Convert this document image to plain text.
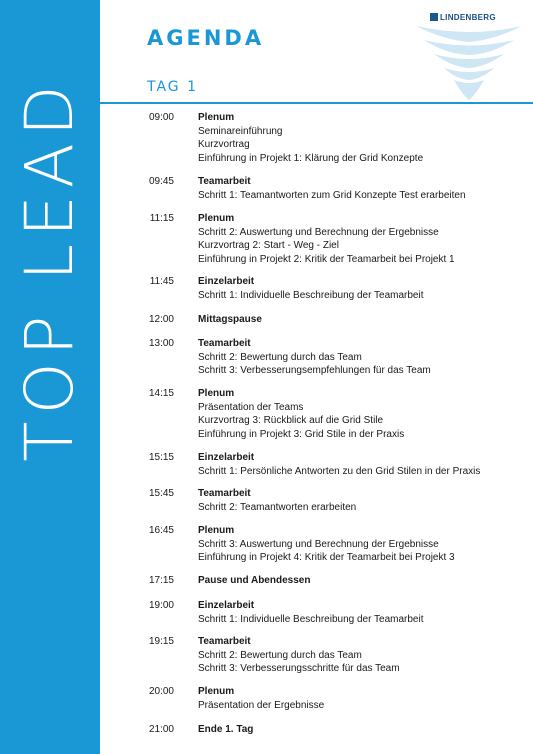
TOP LEAD
AGENDA
TAG 1
LINDENBERG
09:00 Plenum
Seminareinführung
Kurzvortrag
Einführung in Projekt 1: Klärung der Grid Konzepte
09:45 Teamarbeit
Schritt 1: Teamantworten zum Grid Konzepte Test erarbeiten
11:15 Plenum
Schritt 2: Auswertung und Berechnung der Ergebnisse
Kurzvortrag 2: Start - Weg - Ziel
Einführung in Projekt 2: Kritik der Teamarbeit bei Projekt 1
11:45 Einzelarbeit
Schritt 1: Individuelle Beschreibung der Teamarbeit
12:00 Mittagspause
13:00 Teamarbeit
Schritt 2: Bewertung durch das Team
Schritt 3: Verbesserungsempfehlungen für das Team
14:15 Plenum
Präsentation der Teams
Kurzvortrag 3: Rückblick auf die Grid Stile
Einführung in Projekt 3: Grid Stile in der Praxis
15:15 Einzelarbeit
Schritt 1: Persönliche Antworten zu den Grid Stilen in der Praxis
15:45 Teamarbeit
Schritt 2: Teamantworten erarbeiten
16:45 Plenum
Schritt 3: Auswertung und Berechnung der Ergebnisse
Einführung in Projekt 4: Kritik der Teamarbeit bei Projekt 3
17:15 Pause und Abendessen
19:00 Einzelarbeit
Schritt 1: Individuelle Beschreibung der Teamarbeit
19:15 Teamarbeit
Schritt 2: Bewertung durch das Team
Schritt 3: Verbesserungsschritte für das Team
20:00 Plenum
Präsentation der Ergebnisse
21:00 Ende 1. Tag
